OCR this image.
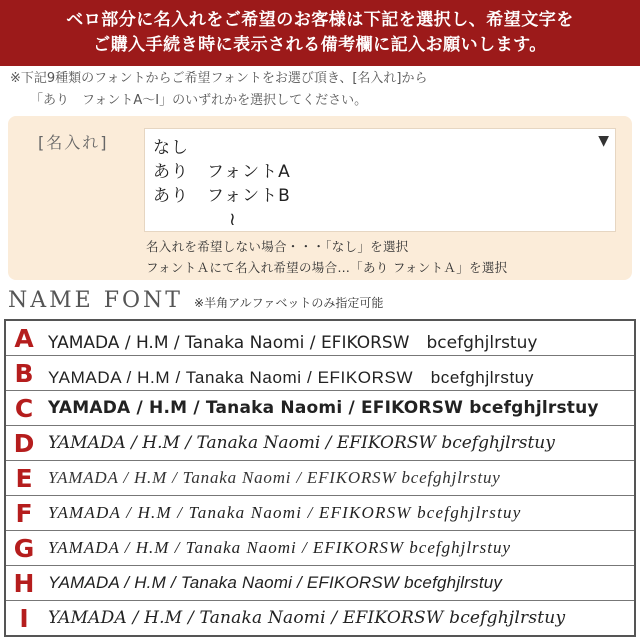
ベロ部分に名入れをご希望のお客様は下記を選択し、希望文字を
ご購入手続き時に表示される備考欄に記入お願いします。
※下記9種類のフォントからご希望フォントをお選び頂き、[名入れ]から
「あり　フォントA〜I」のいずれかを選択してください。
[名入れ]	なし
あり　フォントA
あり　フォントB
≀
▼
名入れを希望しない場合・・・「なし」を選択
フォントＡにて名入れ希望の場合…「あり フォントＡ」を選択
NAME FONT ※半角アルファベットのみ指定可能
A YAMADA / H.M / Tanaka Naomi / EFIKORSW　bcefghjlrstuy
B YAMADA / H.M / Tanaka Naomi / EFIKORSW　bcefghjlrstuy
C YAMADA / H.M / Tanaka Naomi / EFIKORSW bcefghjlrstuy
D YAMADA / H.M / Tanaka Naomi / EFIKORSW bcefghjlrstuy
E YAMADA / H.M / Tanaka Naomi / EFIKORSW bcefghjlrstuy
F YAMADA / H.M / Tanaka Naomi / EFIKORSW bcefghjlrstuy
G YAMADA / H.M / Tanaka Naomi / EFIKORSW bcefghjlrstuy
H YAMADA / H.M / Tanaka Naomi / EFIKORSW bcefghjlrstuy
I	YAMADA / H.M / Tanaka Naomi / EFIKORSW bcefghjlrstuy
